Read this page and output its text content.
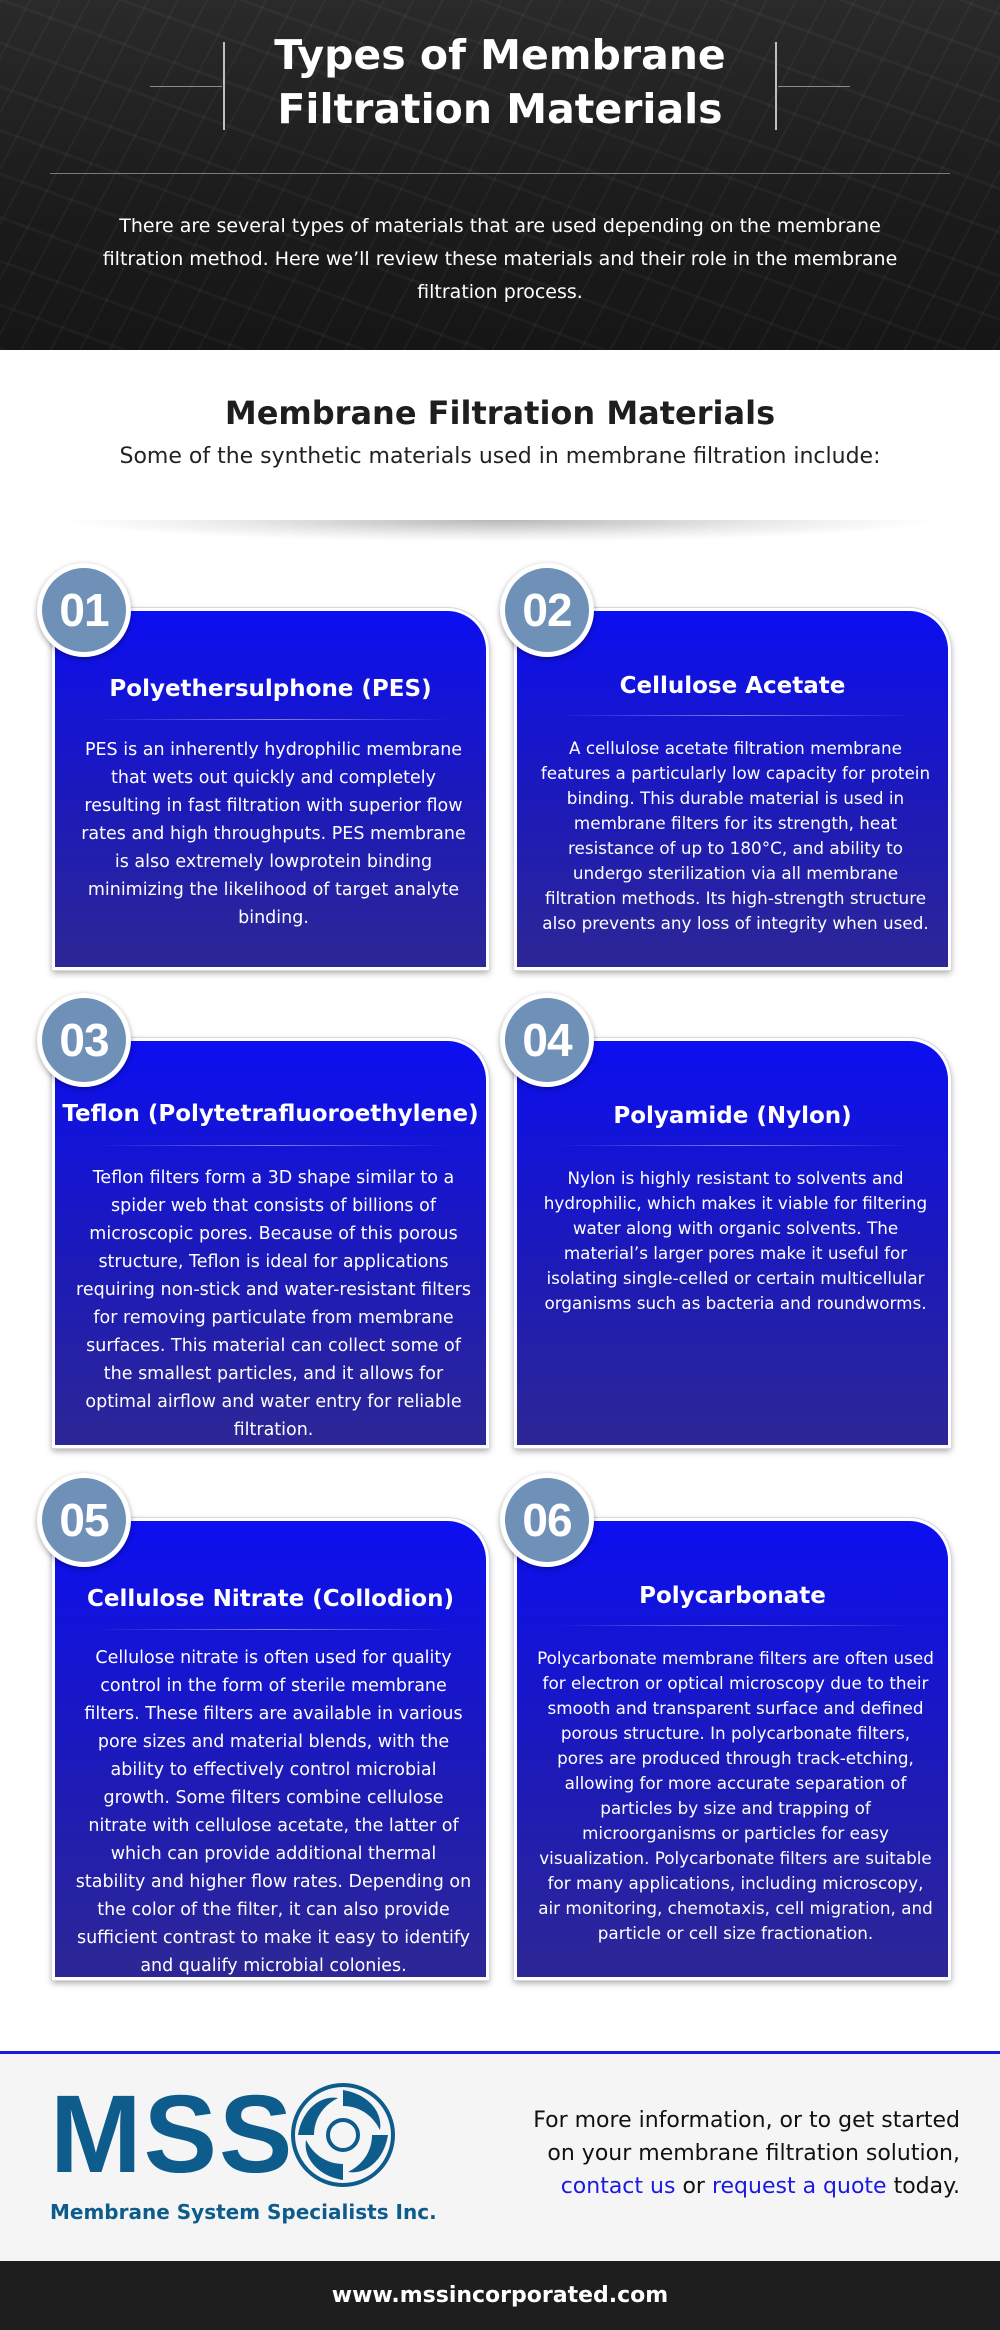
Types of Membrane
Filtration Materials

There are several types of materials that are used depending on the membrane filtration method. Here we’ll review these materials and their role in the membrane filtration process.

Membrane Filtration Materials

Some of the synthetic materials used in membrane filtration include:

Polyethersulphone (PES)

PES is an inherently hydrophilic membrane that wets out quickly and completely resulting in fast filtration with superior flow rates and high throughputs. PES membrane is also extremely lowprotein binding minimizing the likelihood of target analyte binding.

01
Cellulose Acetate

A cellulose acetate filtration membrane features a particularly low capacity for protein binding. This durable material is used in membrane filters for its strength, heat resistance of up to 180°C, and ability to undergo sterilization via all membrane filtration methods. Its high-strength structure also prevents any loss of integrity when used.

02
Teflon (Polytetrafluoroethylene)

Teflon filters form a 3D shape similar to a spider web that consists of billions of microscopic pores. Because of this porous structure, Teflon is ideal for applications requiring non-stick and water-resistant filters for removing particulate from membrane surfaces. This material can collect some of the smallest particles, and it allows for optimal airflow and water entry for reliable filtration.

03
Polyamide (Nylon)

Nylon is highly resistant to solvents and hydrophilic, which makes it viable for filtering water along with organic solvents. The material’s larger pores make it useful for isolating single-celled or certain multicellular organisms such as bacteria and roundworms.

04
Cellulose Nitrate (Collodion)

Cellulose nitrate is often used for quality control in the form of sterile membrane filters. These filters are available in various pore sizes and material blends, with the ability to effectively control microbial growth. Some filters combine cellulose nitrate with cellulose acetate, the latter of which can provide additional thermal stability and higher flow rates. Depending on the color of the filter, it can also provide sufficient contrast to make it easy to identify and qualify microbial colonies.

05
Polycarbonate

Polycarbonate membrane filters are often used for electron or optical microscopy due to their smooth and transparent surface and defined porous structure. In polycarbonate filters, pores are produced through track-etching, allowing for more accurate separation of particles by size and trapping of microorganisms or particles for easy visualization. Polycarbonate filters are suitable for many applications, including microscopy, air monitoring, chemotaxis, cell migration, and particle or cell size fractionation.

06
MSS
Membrane System Specialists Inc.
For more information, or to get started
on your membrane filtration solution,
contact us or request a quote today.
www.mssincorporated.com
